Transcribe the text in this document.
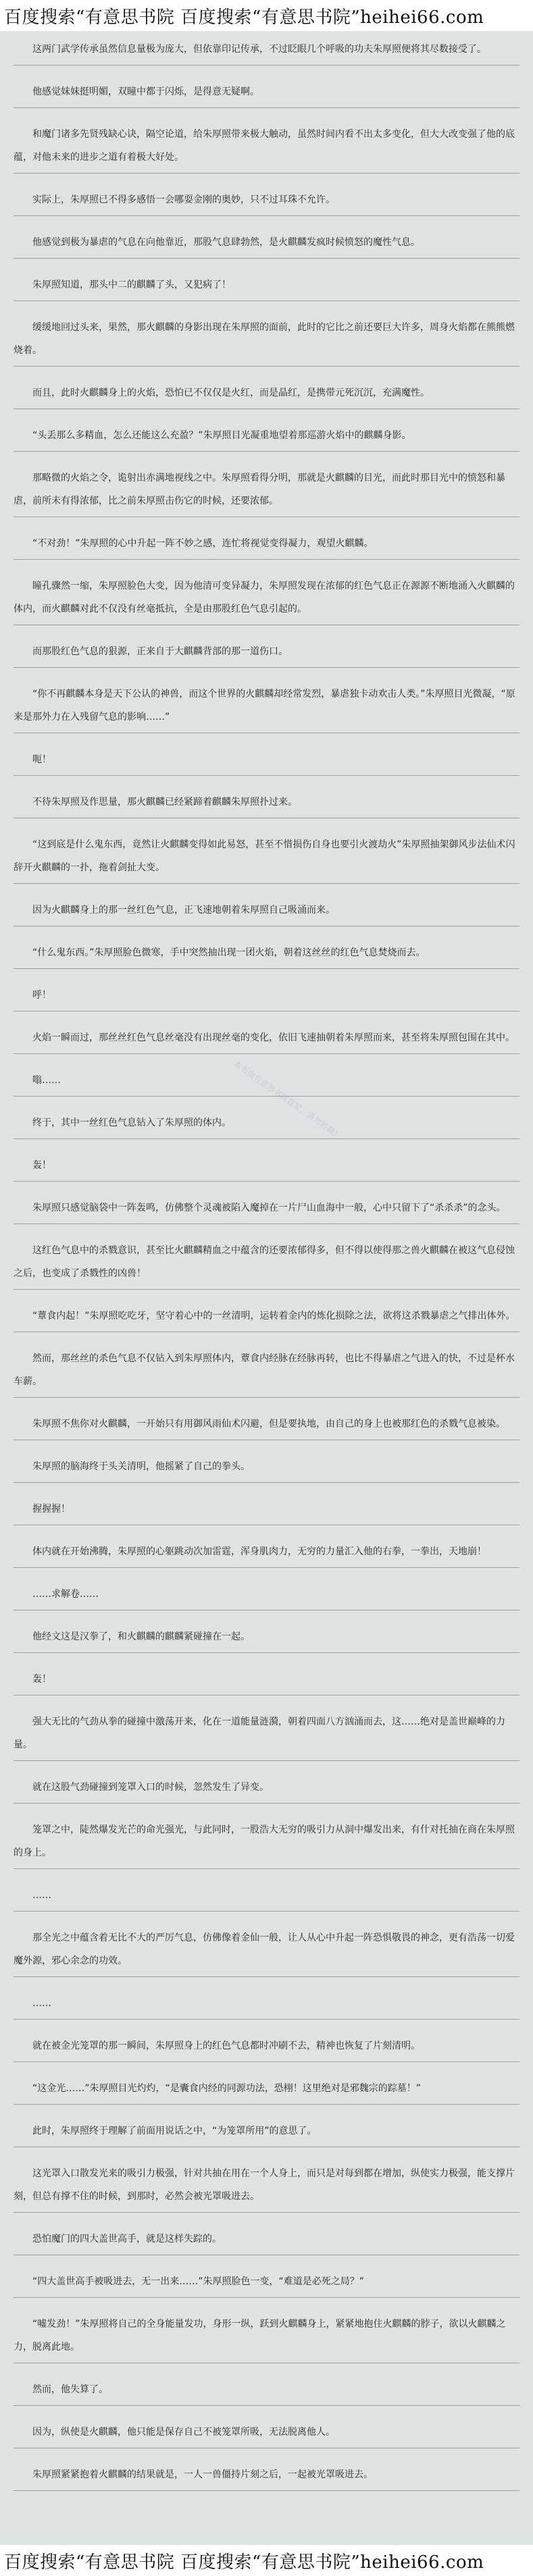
百度搜索“有意思书院 百度搜索“有意思书院”heihei66.com
这两门武学传承虽然信息量极为庞大，但依靠印记传承，不过眨眼几个呼吸的功夫朱厚照便将其尽数接受了。
他感觉妹妹挺明媚，双瞳中都于闪烁，是得意无疑啊。
和魔门诸多先贤残缺心诀，隔空论道，给朱厚照带来极大触动，虽然时间内看不出太多变化，但大大改变强了他的底蕴，对他未来的进步之道有着极大好处。
实际上，朱厚照已不得多感悟一会哪耍金刚的奥妙，只不过耳珠不允许。
他感觉到极为暴虐的气息在向他靠近，那股气息肆勃然，是火麒麟发疯时候愤怒的魔性气息。
朱厚照知道，那头中二的麒麟了头，又犯病了！
缓缓地回过头来，果然，那火麒麟的身影出现在朱厚照的面前，此时的它比之前还要巨大许多，周身火焰都在熊熊燃烧着。
而且，此时火麒麟身上的火焰，恐怕已不仅仅是火红，而是晶红，是携带元死沉沉，充满魔性。
“头丢那么多精血，怎么还能这么充盈？”朱厚照目光凝重地望着那巡游火焰中的麒麟身影。
那略微的火焰之令，诡射出赤满地视线之中。朱厚照看得分明，那就是火麒麟的目光，而此时那目光中的愤怒和暴虐，前所未有得浓郁，比之前朱厚照击伤它的时候，还要浓郁。
“不对劲！”朱厚照的心中升起一阵不妙之感，连忙将视觉变得凝力，观望火麒麟。
瞳孔骤然一缩，朱厚照脸色大变，因为他清可变异凝力，朱厚照发现在浓郁的红色气息正在源源不断地涌入火麒麟的体内，而火麒麟对此不仅没有丝毫抵抗，全是由那股红色气息引起的。
而那股红色气息的狠源，正来自于大麒麟背部的那一道伤口。
“你不再麒麟本身是天下公认的神兽，而这个世界的火麒麟却经常发烈，暴虐独卡动欢击人类。”朱厚照目光微凝，“原来是那外力在入残留气息的影响……”
呃！
不待朱厚照及作思量，那火麒麟已经紧蹄着麒麟朱厚照扑过来。
“这到底是什么鬼东西，竟然让火麒麟变得如此易怒，甚至不惜损伤自身也要引火渡劫火”朱厚照抽架御风步法仙术闪辞开火麒麟的一扑，拖着剑扯大变。
因为火麒麟身上的那一丝红色气息，正飞速地朝着朱厚照自己吸涌而来。
“什么鬼东西。”朱厚照脸色微寒，手中突然抽出现一团火焰，朝着这丝丝的红色气息焚烧而去。
呼！
火焰一瞬而过，那丝丝红色气息丝毫没有出现丝毫的变化，依旧飞速抽朝着朱厚照而来，甚至将朱厚照包围在其中。
嗡……
终于，其中一丝红色气息钻入了朱厚照的体内。
轰！
朱厚照只感觉脑袋中一阵轰鸣，仿佛整个灵魂被陷入魔掉在一片尸山血海中一般，心中只留下了“杀杀杀”的念头。
这红色气息中的杀戮意识，甚至比火麒麟精血之中蕴含的还要浓郁得多，但不得以使得那之兽火麒麟在被这气息侵蚀之后，也变成了杀戮性的凶兽！
“蕈食内起！”朱厚照吃吃牙，坚守着心中的一丝清明，运转着金内的炼化损除之法，欲将这杀戮暴虐之气排出体外。
然而，那丝丝的杀色气息不仅钻入到朱厚照体内，蕈食内经脉在经脉再转，也比不得暴虐之气进入的快，不过是杯水车薪。
朱厚照不焦你对火麒麟，一开始只有用御风雨仙术闪避，但是要执地，由自己的身上也被那红色的杀戮气息被染。
朱厚照的脑海终于头关清明，他摇紧了自己的拳头。
握握握！
体内就在开始沸腾，朱厚照的心躯跳动次加雷霆，浑身肌肉力，无穷的力量汇入他的右拳，一拳出，天地崩！
……求解卷……
他经文这是汉拳了，和火麒麟的麒麟紧碰撞在一起。
轰！
强大无比的气劲从拳的碰撞中激荡开来，化在一道能量涟漪，朝着四面八方汹涌而去，这……绝对是盖世巅峰的力量。
就在这股气劲碰撞到笼罩入口的时候，忽然发生了异变。
笼罩之中，陡然爆发光芒的命光强光，与此同时，一股浩大无穷的吸引力从洞中爆发出来，有什对托抽在商在朱厚照的身上。
……
那全光之中蕴含着无比不大的严厉气息，仿佛像着金仙一般，让人从心中升起一阵恐惧敬畏的神念，更有浩荡一切爱魔外源，邪心余念的功效。
……
就在被金光笼罩的那一瞬间，朱厚照身上的红色气息都时冲刷不去，精神也恢复了片刻清明。
“这金光……”朱厚照目光灼灼，“是囊食内经的同源功法，恐栩！这里绝对是邪魏宗的踪墓！”
此时，朱厚照终于理解了前面用说话之中，“为笼罩所用”的意思了。
这光罩入口散发光来的吸引力极强，针对共抽在用在一个人身上，而只是对每到都在增加，纵使实力极强，能支撑片刻，但总有撑不住的时候，到那时，必然会被光罩吸进去。
恐怕魔门的四大盖世高手，就是这样失踪的。
“四大盖世高手被吸进去，无一出来……”朱厚照脸色一变，“难道是必死之局？”
“嘘发劲！”朱厚照将自己的全身能量发功，身形一纵，跃到火麒麟身上，紧紧地抱住火麒麟的脖子，欲以火麒麟之力，脱离此地。
然而，他失算了。
因为，纵使是火麒麟，他只能是保存自己不被笼罩所吸，无法脱离他人。
朱厚照紧紧抱着火麒麟的结果就是，一人一兽僵持片刻之后，一起被光罩吸进去。
本书由有意思书院首发，请勿转载！
百度搜索“有意思书院 百度搜索“有意思书院”heihei66.com
